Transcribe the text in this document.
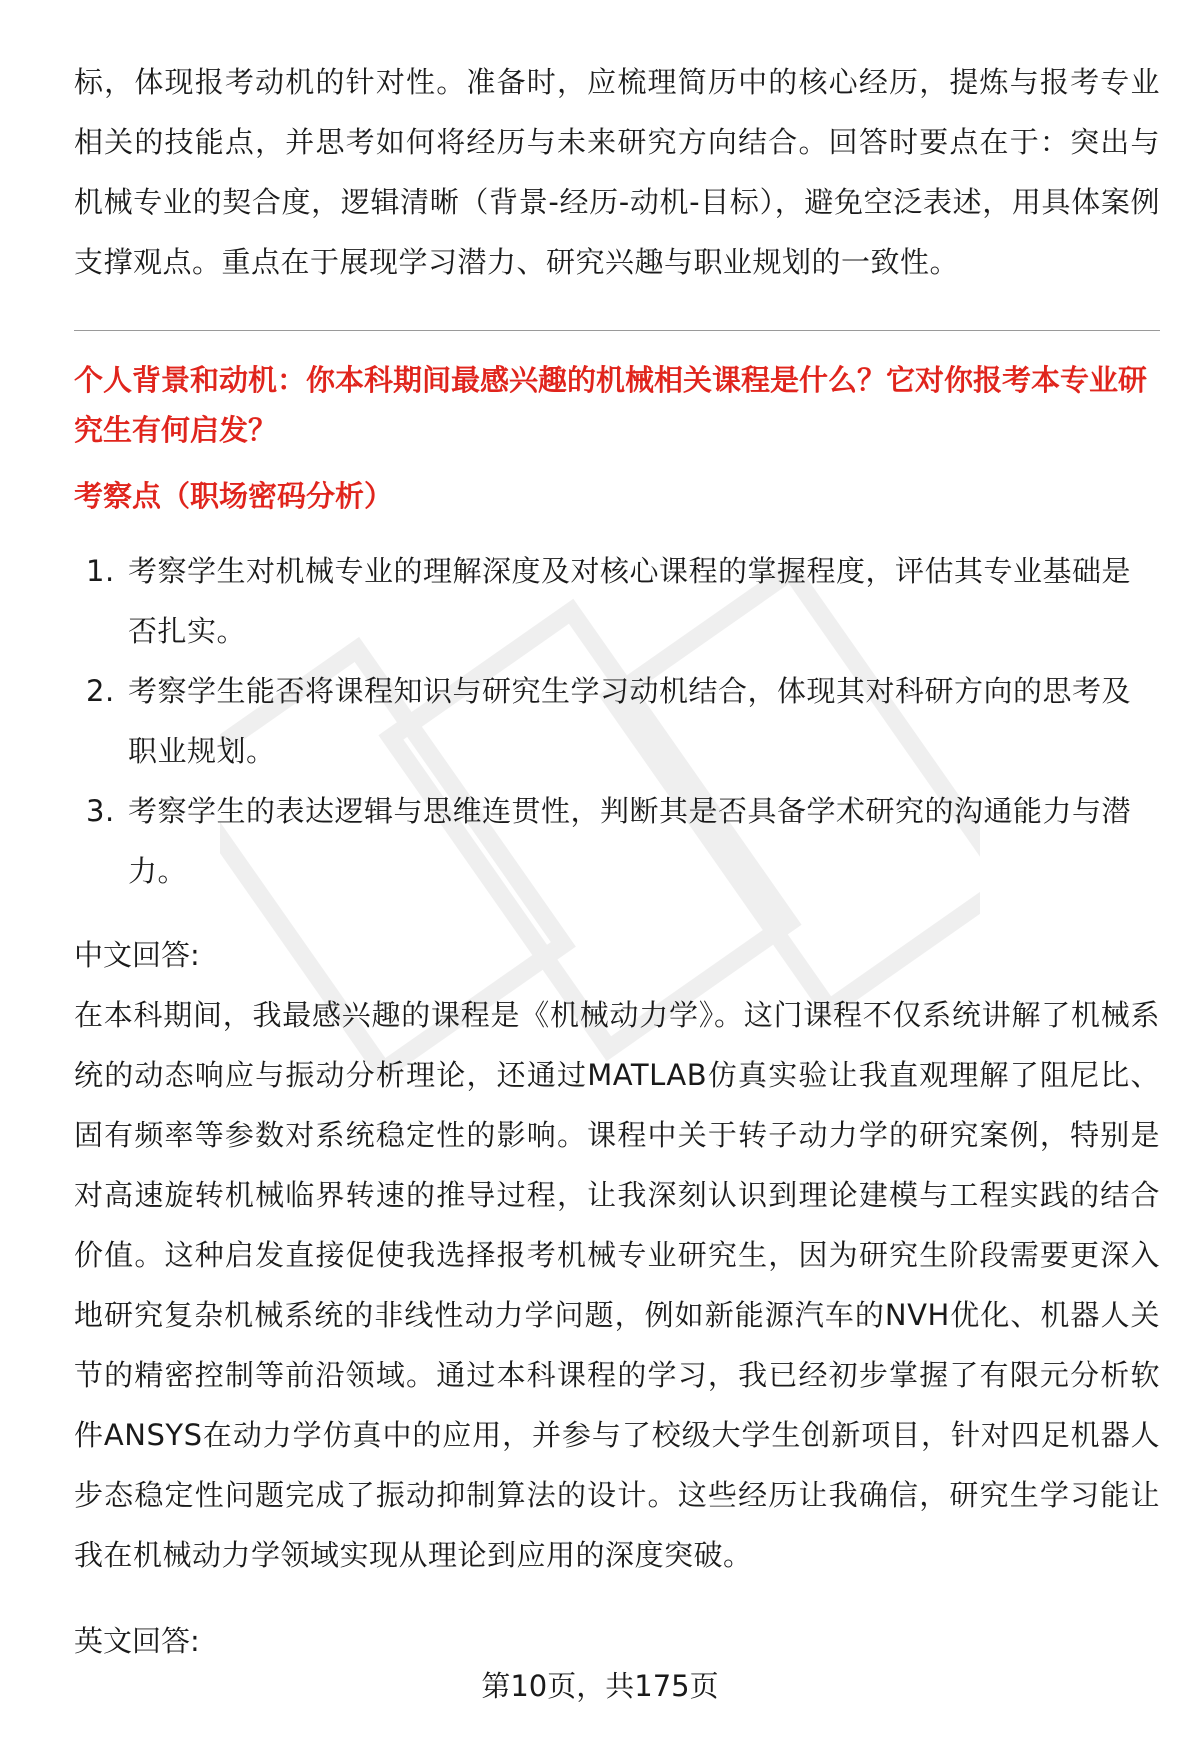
标，体现报考动机的针对性。准备时，应梳理简历中的核心经历，提炼与报考专业相关的技能点，并思考如何将经历与未来研究方向结合。回答时要点在于：突出与机械专业的契合度，逻辑清晰（背景-经历-动机-目标），避免空泛表述，用具体案例支撑观点。重点在于展现学习潜力、研究兴趣与职业规划的一致性。

个人背景和动机：你本科期间最感兴趣的机械相关课程是什么？它对你报考本专业研究生有何启发？

考察点（职场密码分析）

1. 考察学生对机械专业的理解深度及对核心课程的掌握程度，评估其专业基础是否扎实。
2. 考察学生能否将课程知识与研究生学习动机结合，体现其对科研方向的思考及职业规划。
3. 考察学生的表达逻辑与思维连贯性，判断其是否具备学术研究的沟通能力与潜力。

中文回答:

在本科期间，我最感兴趣的课程是《机械动力学》。这门课程不仅系统讲解了机械系统的动态响应与振动分析理论，还通过MATLAB仿真实验让我直观理解了阻尼比、固有频率等参数对系统稳定性的影响。课程中关于转子动力学的研究案例，特别是对高速旋转机械临界转速的推导过程，让我深刻认识到理论建模与工程实践的结合价值。这种启发直接促使我选择报考机械专业研究生，因为研究生阶段需要更深入地研究复杂机械系统的非线性动力学问题，例如新能源汽车的NVH优化、机器人关节的精密控制等前沿领域。通过本科课程的学习，我已经初步掌握了有限元分析软件ANSYS在动力学仿真中的应用，并参与了校级大学生创新项目，针对四足机器人步态稳定性问题完成了振动抑制算法的设计。这些经历让我确信，研究生学习能让我在机械动力学领域实现从理论到应用的深度突破。

英文回答:

第10页，共175页
